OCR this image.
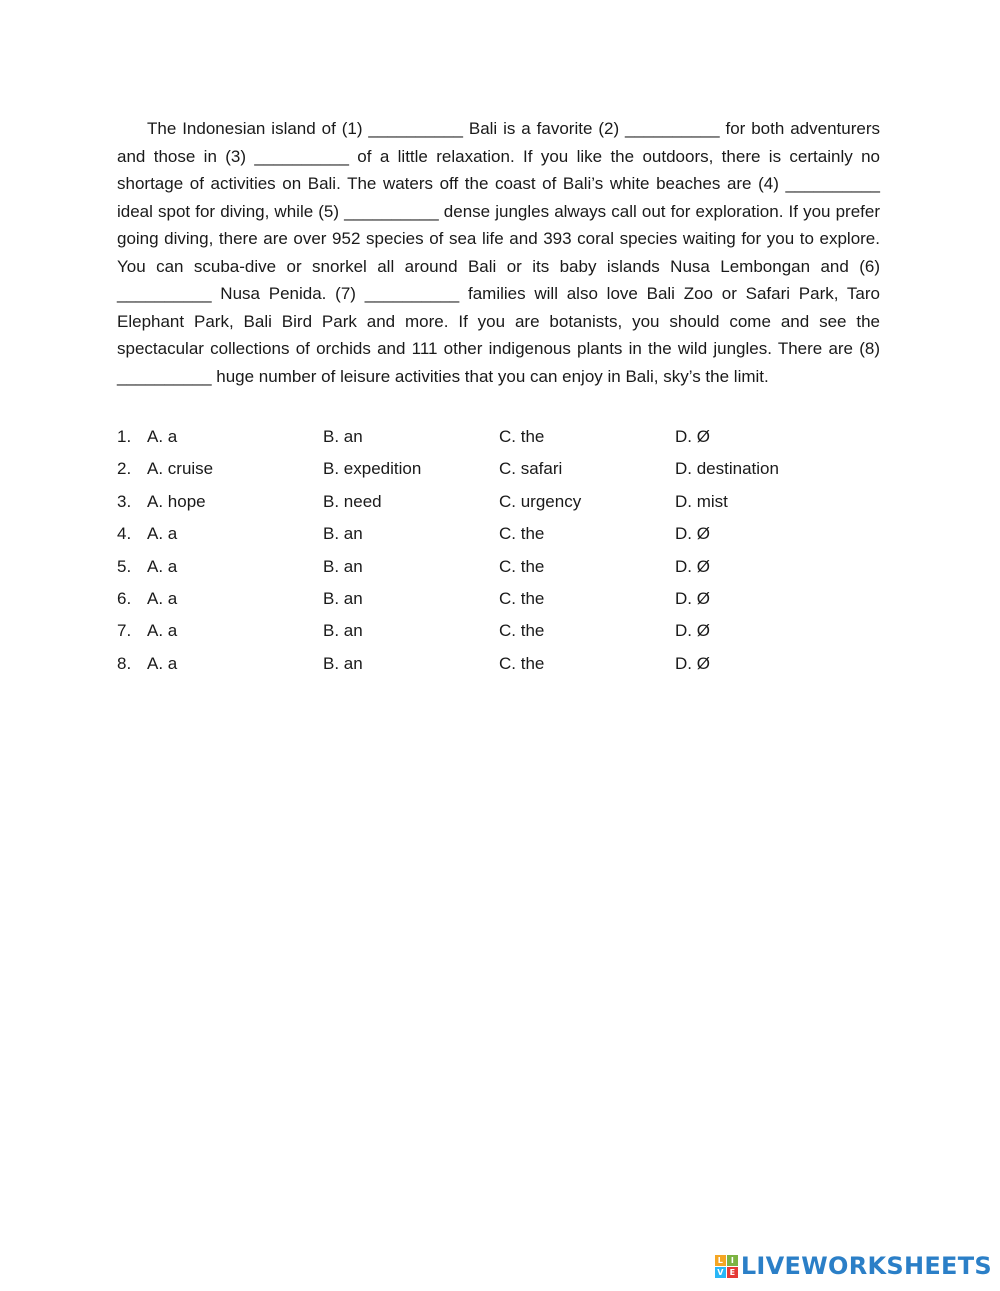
The Indonesian island of (1) __________ Bali is a favorite (2) __________ for both adventurers and those in (3) __________ of a little relaxation. If you like the outdoors, there is certainly no shortage of activities on Bali. The waters off the coast of Bali’s white beaches are (4) __________ ideal spot for diving, while (5) __________ dense jungles always call out for exploration. If you prefer going diving, there are over 952 species of sea life and 393 coral species waiting for you to explore. You can scuba-dive or snorkel all around Bali or its baby islands Nusa Lembongan and (6) __________ Nusa Penida. (7) __________ families will also love Bali Zoo or Safari Park, Taro Elephant Park, Bali Bird Park and more. If you are botanists, you should come and see the spectacular collections of orchids and 111 other indigenous plants in the wild jungles. There are (8) __________ huge number of leisure activities that you can enjoy in Bali, sky’s the limit.

1. A. a	B. an	C. the	D. Ø
2. A. cruise	B. expedition	C. safari	D. destination
3. A. hope	B. need	C. urgency	D. mist
4. A. a	B. an	C. the	D. Ø
5. A. a	B. an	C. the	D. Ø
6. A. a	B. an	C. the	D. Ø
7. A. a	B. an	C. the	D. Ø
8. A. a	B. an	C. the	D. Ø
L I
V E LIVEWORKSHEETS
